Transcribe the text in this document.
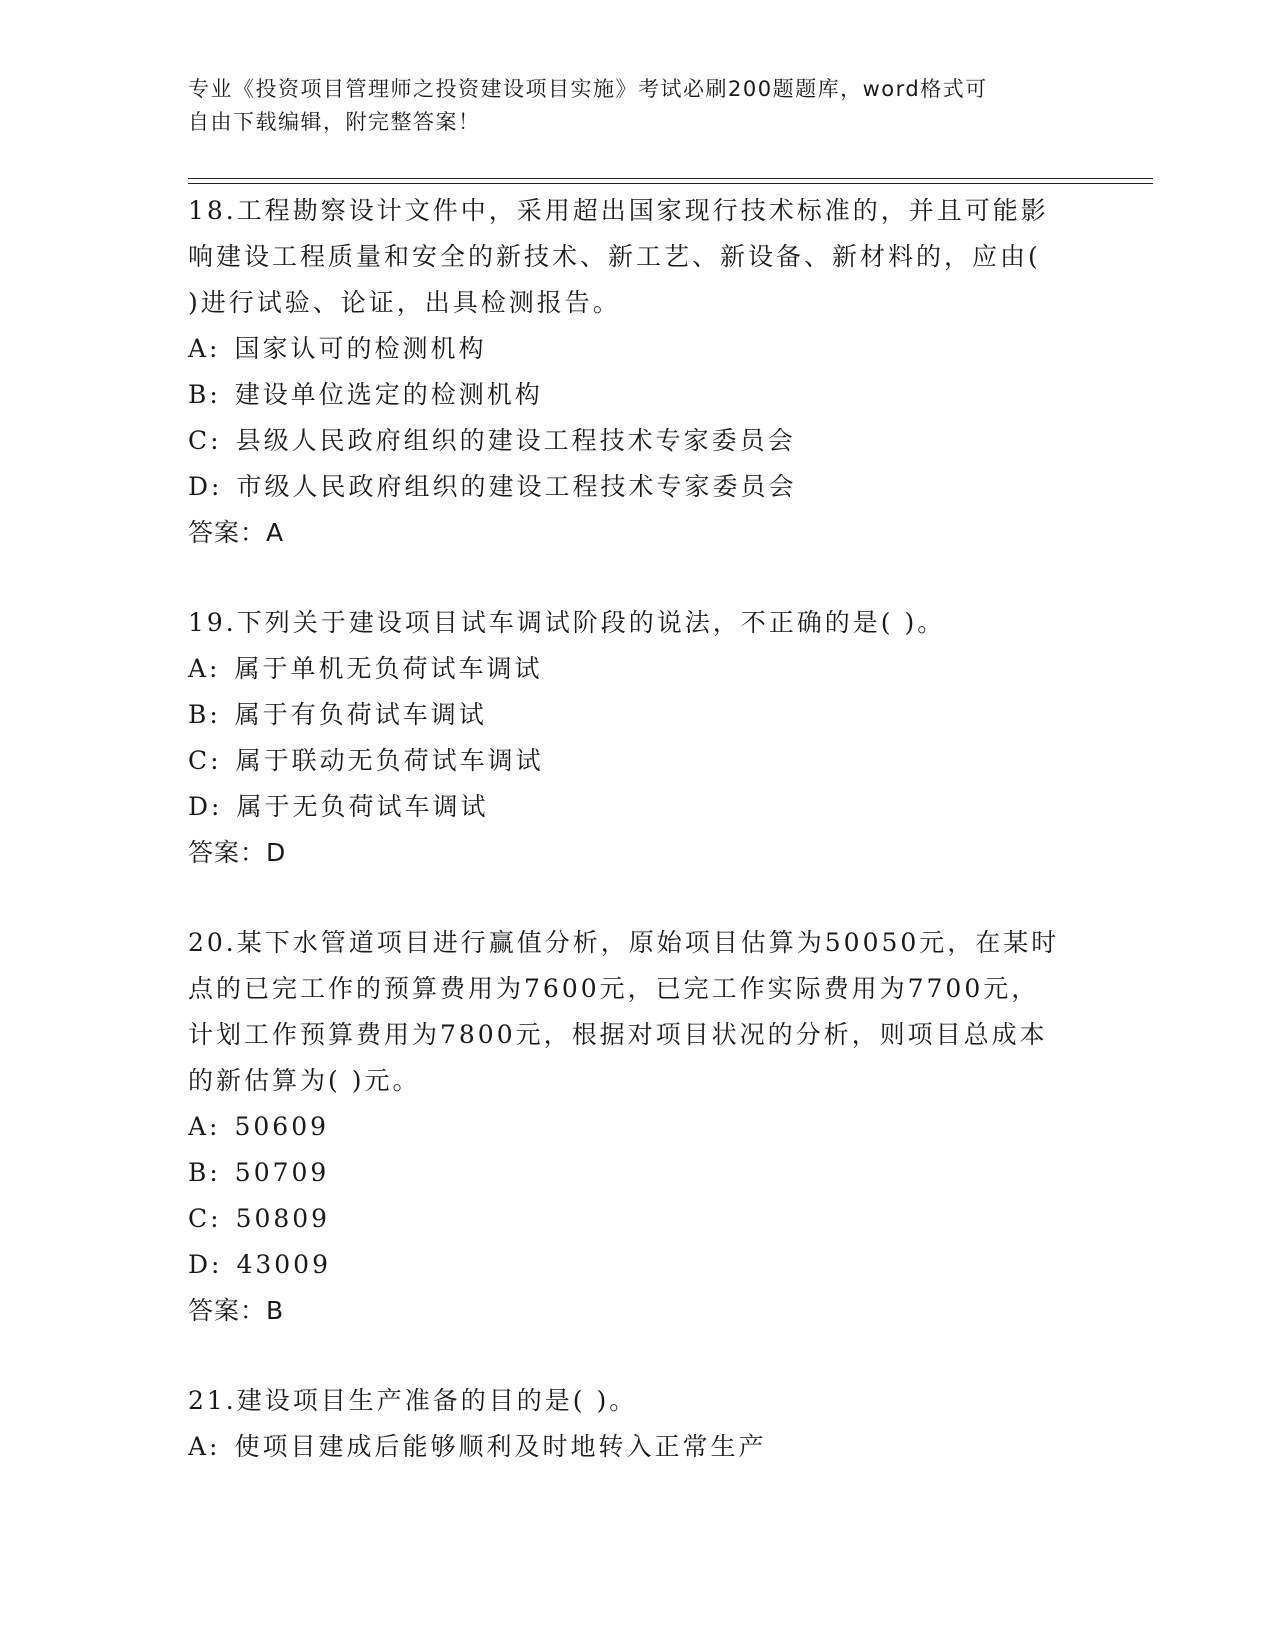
专业《投资项目管理师之投资建设项目实施》考试必刷200题题库，word格式可
自由下载编辑，附完整答案！

18.工程勘察设计文件中，采用超出国家现行技术标准的，并且可能影

响建设工程质量和安全的新技术、新工艺、新设备、新材料的，应由(

)进行试验、论证，出具检测报告。

A: 国家认可的检测机构

B: 建设单位选定的检测机构

C: 县级人民政府组织的建设工程技术专家委员会

D: 市级人民政府组织的建设工程技术专家委员会

答案：A

19.下列关于建设项目试车调试阶段的说法，不正确的是( )。

A: 属于单机无负荷试车调试

B: 属于有负荷试车调试

C: 属于联动无负荷试车调试

D: 属于无负荷试车调试

答案：D

20.某下水管道项目进行赢值分析，原始项目估算为50050元，在某时

点的已完工作的预算费用为7600元，已完工作实际费用为7700元，

计划工作预算费用为7800元，根据对项目状况的分析，则项目总成本

的新估算为( )元。

A: 50609

B: 50709

C: 50809

D: 43009

答案：B

21.建设项目生产准备的目的是( )。

A: 使项目建成后能够顺利及时地转入正常生产
